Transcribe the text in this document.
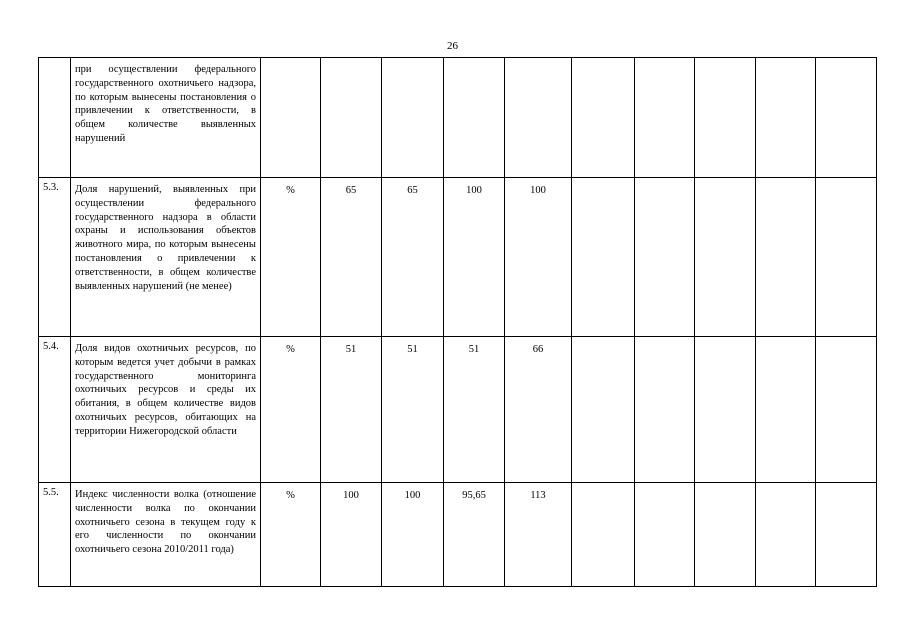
26
	при осуществлении федерального государственного охотничьего надзора, по которым вынесены постановления о привлечении к ответственности, в общем количестве выявленных нарушений										
5.3.	Доля нарушений, выявленных при осуществлении федерального государственного надзора в области охраны и использования объектов животного мира, по которым вынесены постановления о привлечении к ответственности, в общем количестве выявленных нарушений (не менее)	%	65	65	100	100					
5.4.	Доля видов охотничьих ресурсов, по которым ведется учет добычи в рамках государственного мониторинга охотничьих ресурсов и среды их обитания, в общем количестве видов охотничьих ресурсов, обитающих на территории Нижегородской области	%	51	51	51	66					
5.5.	Индекс численности волка (отношение численности волка по окончании охотничьего сезона в текущем году к его численности по окончании охотничьего сезона 2010/2011 года)	%	100	100	95,65	113					
